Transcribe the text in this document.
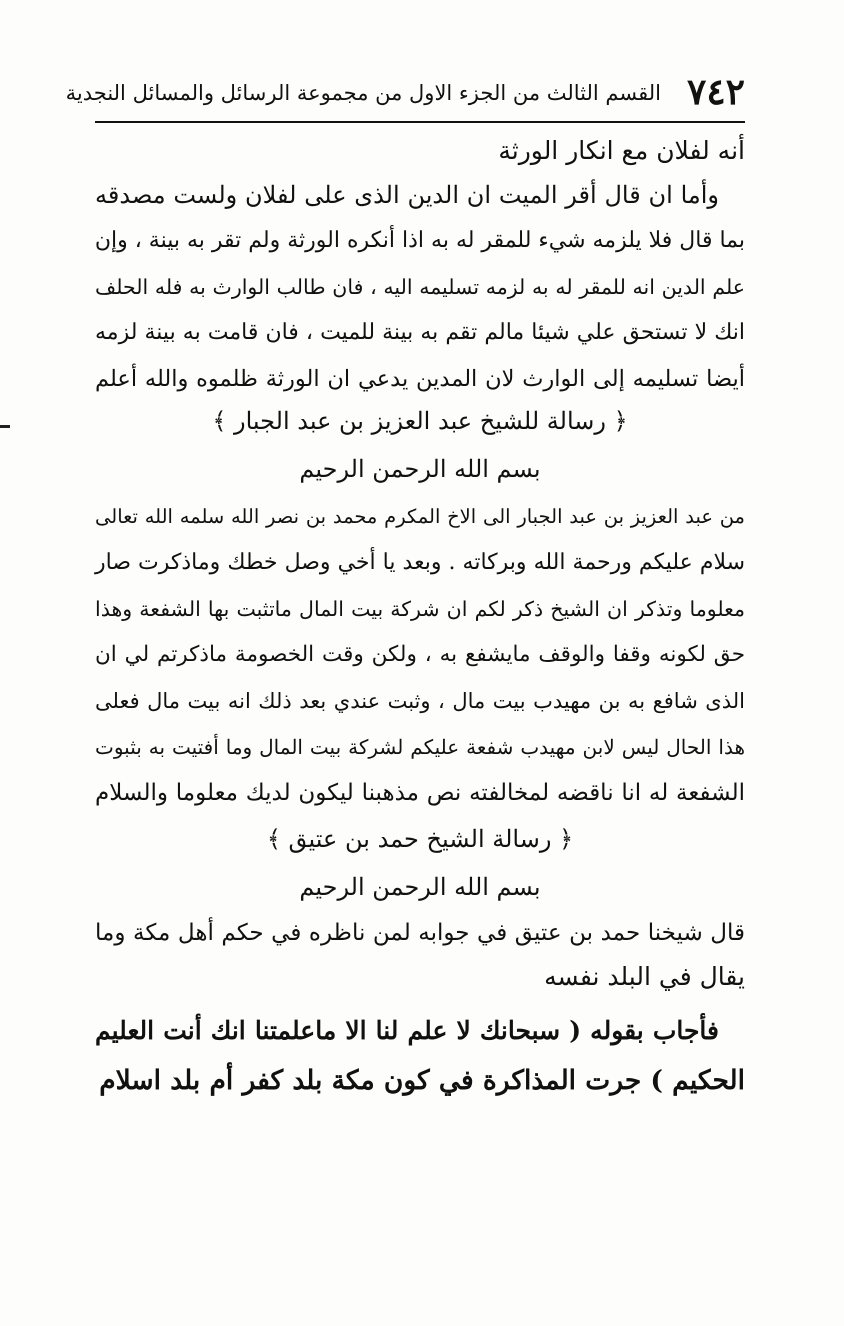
٧٤٢
القسم الثالث من الجزء الاول من مجموعة الرسائل والمسائل النجدية
أنه لفلان مع انكار الورثة
وأما ان قال أقر الميت ان الدين الذى على لفلان ولست مصدقه
بما قال فلا يلزمه شيء للمقر له به اذا أنكره الورثة ولم تقر به بينة ، وإن
علم الدين انه للمقر له به لزمه تسليمه اليه ، فان طالب الوارث به فله الحلف
انك لا تستحق علي شيئا مالم تقم به بينة للميت ، فان قامت به بينة لزمه
أيضا تسليمه إلى الوارث لان المدين يدعي ان الورثة ظلموه والله أعلم
﴿ رسالة للشيخ عبد العزيز بن عبد الجبار ﴾
بسم الله الرحمن الرحيم
من عبد العزيز بن عبد الجبار الى الاخ المكرم محمد بن نصر الله سلمه الله تعالى
سلام عليكم ورحمة الله وبركاته . وبعد يا أخي وصل خطك وماذكرت صار
معلوما وتذكر ان الشيخ ذكر لكم ان شركة بيت المال ماتثبت بها الشفعة وهذا
حق لكونه وقفا والوقف مايشفع به ، ولكن وقت الخصومة ماذكرتم لي ان
الذى شافع به بن مهيدب بيت مال ، وثبت عندي بعد ذلك انه بيت مال فعلى
هذا الحال ليس لابن مهيدب شفعة عليكم لشركة بيت المال وما أفتيت به بثبوت
الشفعة له انا ناقضه لمخالفته نص مذهبنا ليكون لديك معلوما والسلام
﴿ رسالة الشيخ حمد بن عتيق ﴾
بسم الله الرحمن الرحيم
قال شيخنا حمد بن عتيق في جوابه لمن ناظره في حكم أهل مكة وما
يقال في البلد نفسه
فأجاب بقوله ( سبحانك لا علم لنا الا ماعلمتنا انك أنت العليم
الحكيم ) جرت المذاكرة في كون مكة بلد كفر أم بلد اسلام
